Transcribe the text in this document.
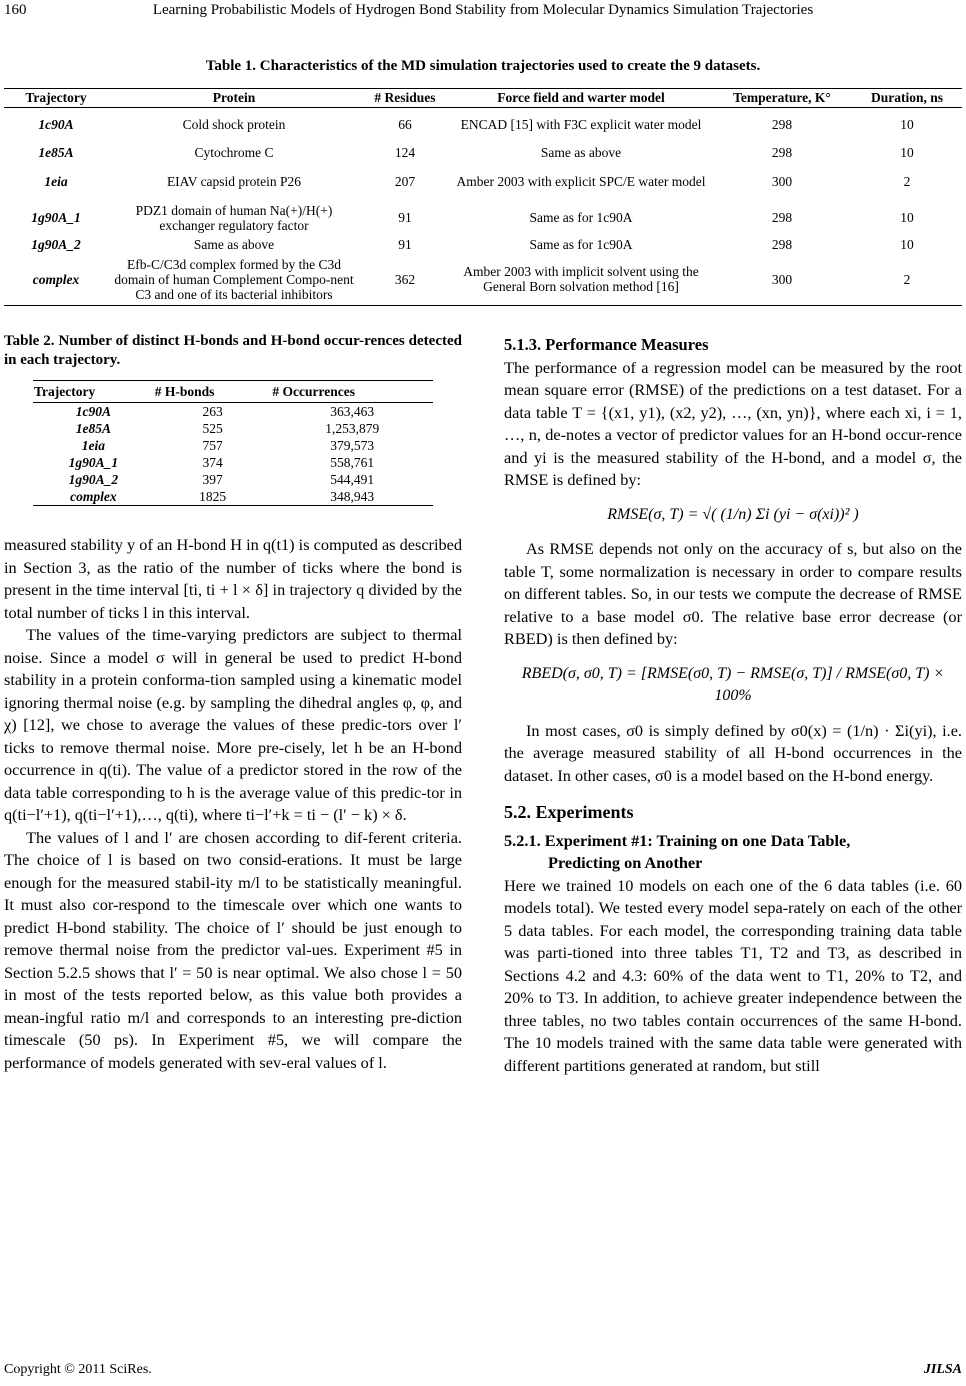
160	Learning Probabilistic Models of Hydrogen Bond Stability from Molecular Dynamics Simulation Trajectories
Table 1. Characteristics of the MD simulation trajectories used to create the 9 datasets.
Trajectory	Protein	# Residues	Force field and warter model	Temperature, K°	Duration, ns
1c90A	Cold shock protein	66	ENCAD [15] with F3C explicit water model	298	10
1e85A	Cytochrome C	124	Same as above	298	10
1eia	EIAV capsid protein P26	207	Amber 2003 with explicit SPC/E water model	300	2
1g90A_1	PDZ1 domain of human Na(+)/H(+) exchanger regulatory factor	91	Same as for 1c90A	298	10
1g90A_2	Same as above	91	Same as for 1c90A	298	10
complex	Efb-C/C3d complex formed by the C3d domain of human Complement Compo-nent C3 and one of its bacterial inhibitors	362	Amber 2003 with implicit solvent using the General Born solvation method [16]	300	2

Table 2. Number of distinct H-bonds and H-bond occur-rences detected in each trajectory.

Trajectory	# H-bonds	# Occurrences
1c90A	263	363,463
1e85A	525	1,253,879
1eia	757	379,573
1g90A_1	374	558,761
1g90A_2	397	544,491
complex	1825	348,943

measured stability y of an H-bond H in q(t1) is computed as described in Section 3, as the ratio of the number of ticks where the bond is present in the time interval [ti, ti + l × δ] in trajectory q divided by the total number of ticks l in this interval.

The values of the time-varying predictors are subject to thermal noise. Since a model σ will in general be used to predict H-bond stability in a protein conforma-tion sampled using a kinematic model ignoring thermal noise (e.g. by sampling the dihedral angles φ, φ, and χ) [12], we chose to average the values of these predic-tors over l′ ticks to remove thermal noise. More pre-cisely, let h be an H-bond occurrence in q(ti). The value of a predictor stored in the row of the data table corresponding to h is the average value of this predic-tor in q(ti−l′+1), q(ti−l′+1),…, q(ti), where ti−l′+k = ti − (l′ − k) × δ.

The values of l and l′ are chosen according to dif-ferent criteria. The choice of l is based on two consid-erations. It must be large enough for the measured stabil-ity m/l to be statistically meaningful. It must also cor-respond to the timescale over which one wants to predict H-bond stability. The choice of l′ should be just enough to remove thermal noise from the predictor val-ues. Experiment #5 in Section 5.2.5 shows that l′ = 50 is near optimal. We also chose l = 50 in most of the tests reported below, as this value both provides a mean-ingful ratio m/l and corresponds to an interesting pre-diction timescale (50 ps). In Experiment #5, we will compare the performance of models generated with sev-eral values of l.

5.1.3. Performance Measures

The performance of a regression model can be measured by the root mean square error (RMSE) of the predictions on a test dataset. For a data table T = {(x1, y1), (x2, y2), …, (xn, yn)}, where each xi, i = 1, …, n, de-notes a vector of predictor values for an H-bond occur-rence and yi is the measured stability of the H-bond, and a model σ, the RMSE is defined by:

RMSE(σ, T) = √( (1/n) Σi (yi − σ(xi))² )

As RMSE depends not only on the accuracy of s, but also on the table T, some normalization is necessary in order to compare results on different tables. So, in our tests we compute the decrease of RMSE relative to a base model σ0. The relative base error decrease (or RBED) is then defined by:

RBED(σ, σ0, T) = [RMSE(σ0, T) − RMSE(σ, T)] / RMSE(σ0, T) × 100%

In most cases, σ0 is simply defined by σ0(x) = (1/n) · Σi(yi), i.e. the average measured stability of all H-bond occurrences in the dataset. In other cases, σ0 is a model based on the H-bond energy.

5.2. Experiments

5.2.1. Experiment #1: Training on one Data Table,

Predicting on Another

Here we trained 10 models on each one of the 6 data tables (i.e. 60 models total). We tested every model sepa-rately on each of the other 5 data tables. For each model, the corresponding training data table was parti-tioned into three tables T1, T2 and T3, as described in Sections 4.2 and 4.3: 60% of the data went to T1, 20% to T2, and 20% to T3. In addition, to achieve greater independence between the three tables, no two tables contain occurrences of the same H-bond. The 10 models trained with the same data table were generated with different partitions generated at random, but still

Copyright © 2011 SciRes.	JILSA
